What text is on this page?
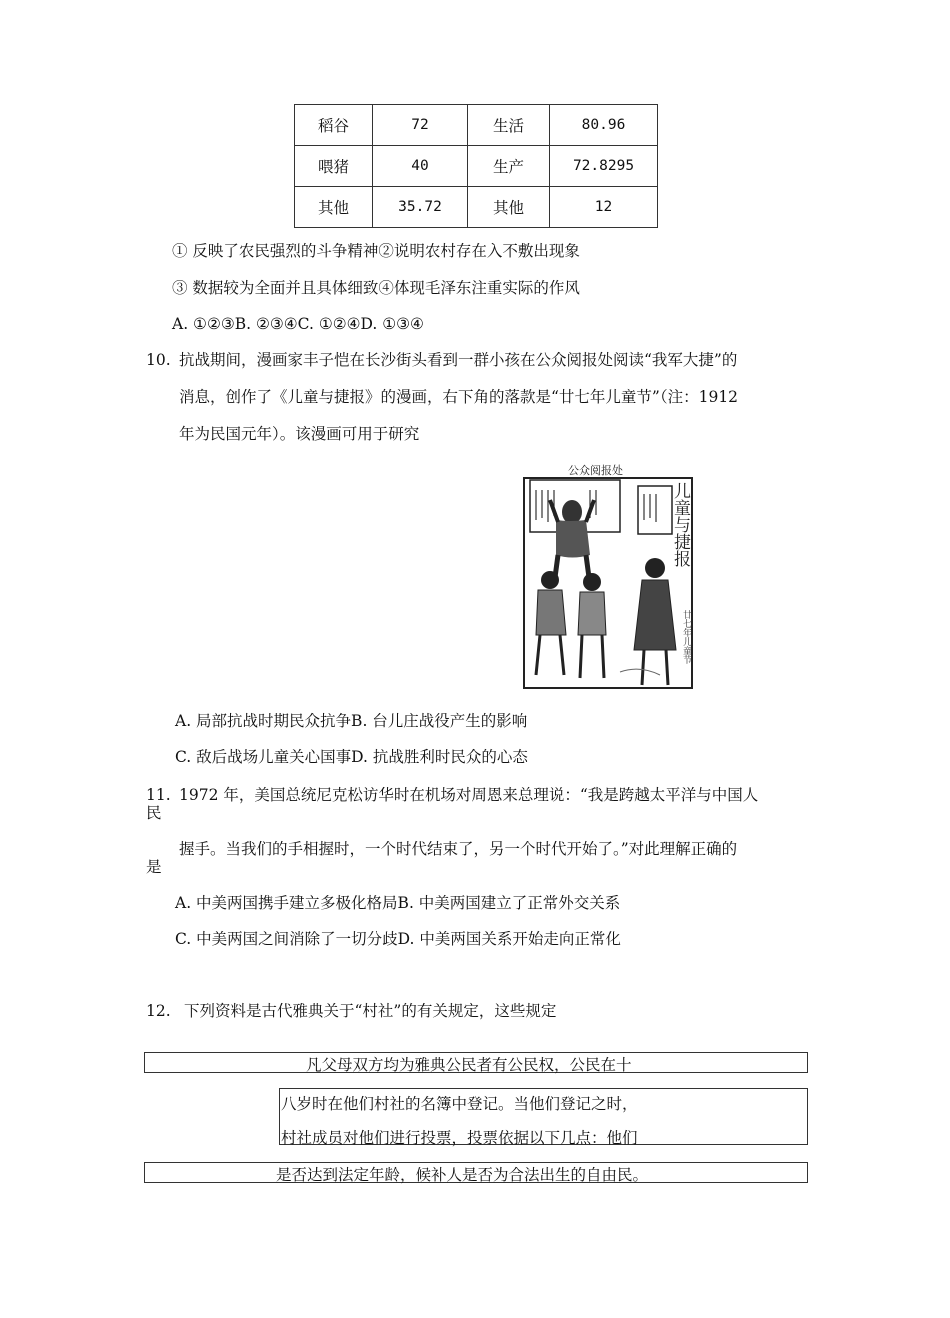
稻谷	72	生活	80.96
喂猪	40	生产	72.8295
其他	35.72	其他	12
① 反映了农民强烈的斗争精神②说明农村存在入不敷出现象
③ 数据较为全面并且具体细致④体现毛泽东注重实际的作风
A. ①②③B. ②③④C. ①②④D. ①③④
10. 抗战期间，漫画家丰子恺在长沙街头看到一群小孩在公众阅报处阅读“我军大捷”的
消息，创作了《儿童与捷报》的漫画，右下角的落款是“廿七年儿童节”（注：1912
年为民国元年）。该漫画可用于研究
公众阅报处
儿童与捷报
廿七年儿童节
A. 局部抗战时期民众抗争B. 台儿庄战役产生的影响
C. 敌后战场儿童关心国事D. 抗战胜利时民众的心态
11. 1972 年，美国总统尼克松访华时在机场对周恩来总理说：“我是跨越太平洋与中国人
民
握手。当我们的手相握时，一个时代结束了，另一个时代开始了。”对此理解正确的
是
A. 中美两国携手建立多极化格局B. 中美两国建立了正常外交关系
C. 中美两国之间消除了一切分歧D. 中美两国关系开始走向正常化
12. 下列资料是古代雅典关于“村社”的有关规定，这些规定
凡父母双方均为雅典公民者有公民权，公民在十
八岁时在他们村社的名簿中登记。当他们登记之时，
村社成员对他们进行投票，投票依据以下几点：他们
是否达到法定年龄，候补人是否为合法出生的自由民。
